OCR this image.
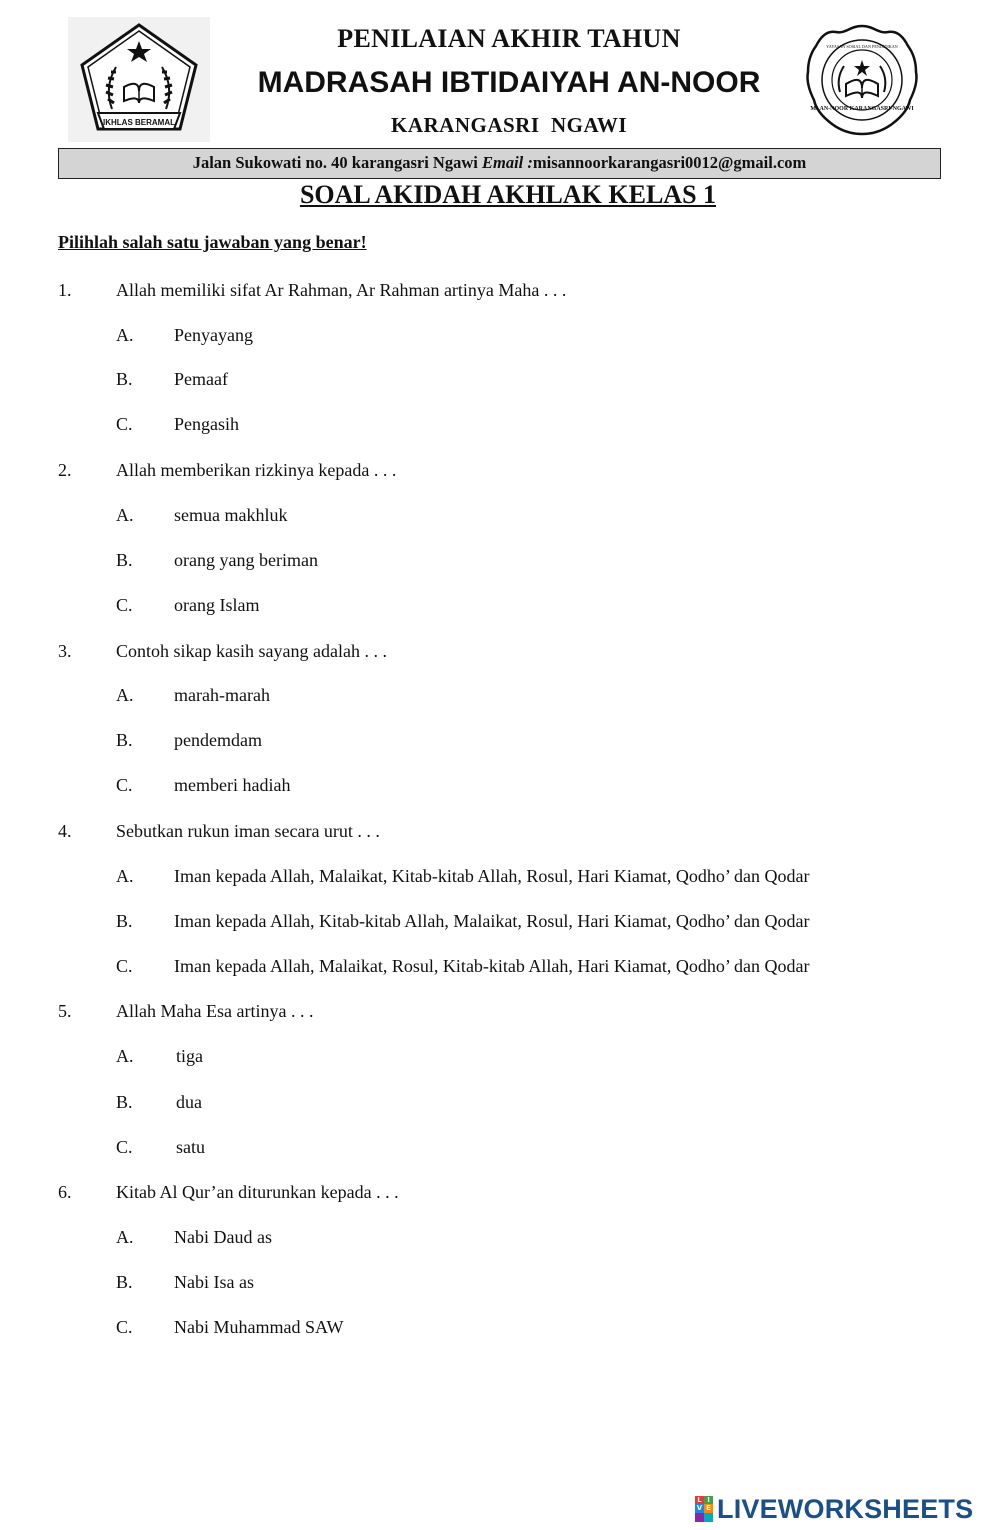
IKHLAS BERAMAL
PENILAIAN AKHIR TAHUN
MADRASAH IBTIDAIYAH AN-NOOR
KARANGASRI  NGAWI
MI AN-NOOR KARANGASRI-NGAWI
YAYASAN SOSIAL DAN PENDIDIKAN
Jalan Sukowati no. 40 karangasri Ngawi Email :misannoorkarangasri0012@gmail.com
SOAL AKIDAH AKHLAK KELAS 1
Pilihlah salah satu jawaban yang benar!
1. Allah memiliki sifat Ar Rahman, Ar Rahman artinya Maha . . .
A. Penyayang
B. Pemaaf
C. Pengasih
2. Allah memberikan rizkinya kepada . . .
A. semua makhluk
B. orang yang beriman
C. orang Islam
3. Contoh sikap kasih sayang adalah . . .
A. marah-marah
B. pendemdam
C. memberi hadiah
4. Sebutkan rukun iman secara urut . . .
A. Iman kepada Allah, Malaikat, Kitab-kitab Allah, Rosul, Hari Kiamat, Qodho’ dan Qodar
B. Iman kepada Allah, Kitab-kitab Allah, Malaikat, Rosul, Hari Kiamat, Qodho’ dan Qodar
C. Iman kepada Allah, Malaikat, Rosul, Kitab-kitab Allah, Hari Kiamat, Qodho’ dan Qodar
5. Allah Maha Esa artinya . . .
A. tiga
B. dua
C. satu
6. Kitab Al Qur’an diturunkan kepada . . .
A. Nabi Daud as
B. Nabi Isa as
C. Nabi Muhammad SAW
L I
V E LIVEWORKSHEETS
